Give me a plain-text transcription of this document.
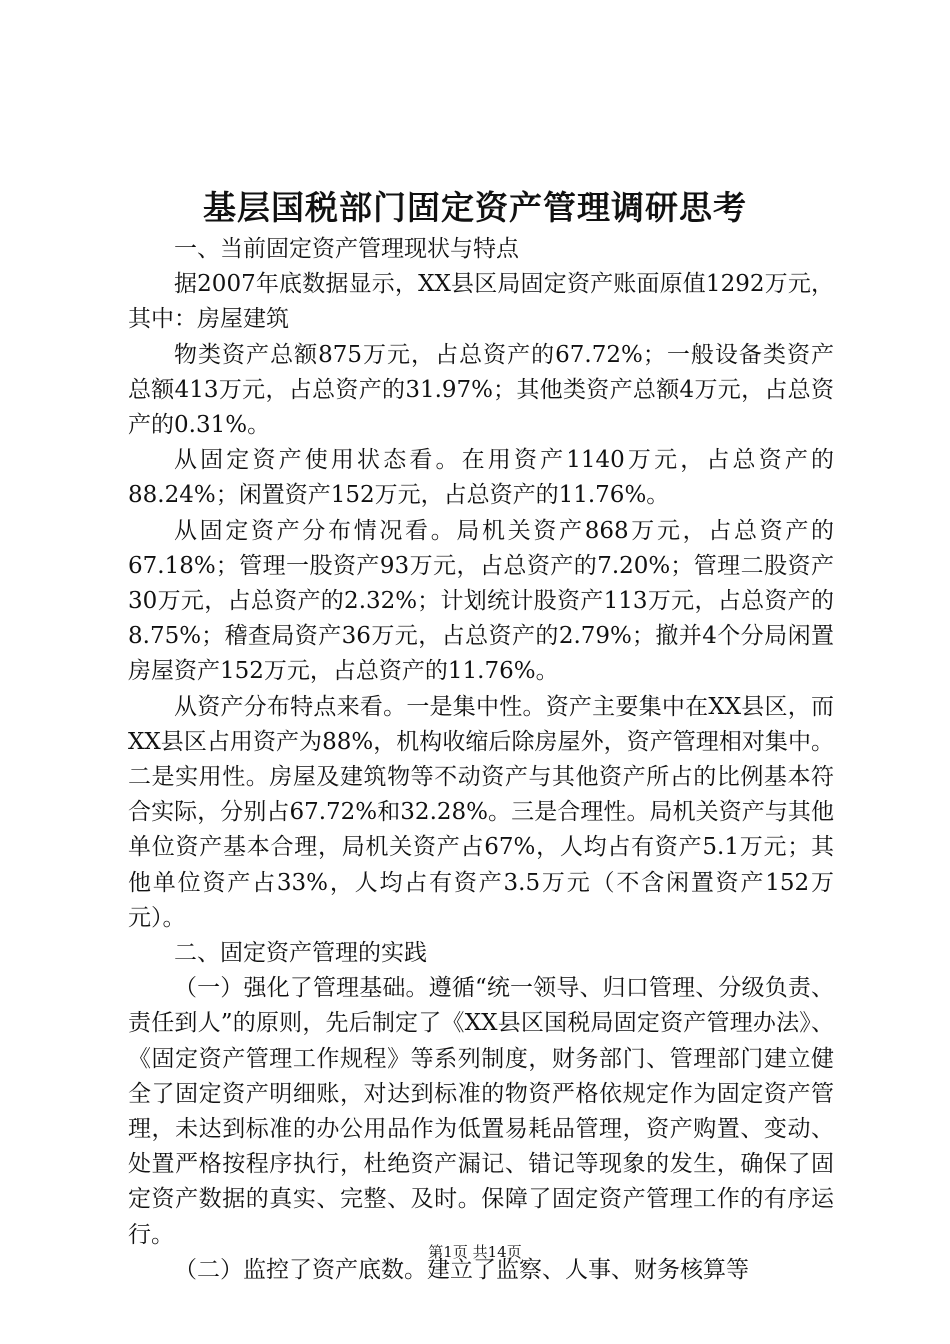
基层国税部门固定资产管理调研思考

一、当前固定资产管理现状与特点

据2007年底数据显示，XX县区局固定资产账面原值1292万元，其中：房屋建筑

物类资产总额875万元，占总资产的67.72%；一般设备类资产总额413万元，占总资产的31.97%；其他类资产总额4万元，占总资产的0.31%。

从固定资产使用状态看。在用资产1140万元，占总资产的88.24%；闲置资产152万元，占总资产的11.76%。

从固定资产分布情况看。局机关资产868万元，占总资产的67.18%；管理一股资产93万元，占总资产的7.20%；管理二股资产30万元，占总资产的2.32%；计划统计股资产113万元，占总资产的8.75%；稽查局资产36万元，占总资产的2.79%；撤并4个分局闲置房屋资产152万元，占总资产的11.76%。

从资产分布特点来看。一是集中性。资产主要集中在XX县区，而XX县区占用资产为88%，机构收缩后除房屋外，资产管理相对集中。二是实用性。房屋及建筑物等不动资产与其他资产所占的比例基本符合实际，分别占67.72%和32.28%。三是合理性。局机关资产与其他单位资产基本合理，局机关资产占67%，人均占有资产5.1万元；其他单位资产占33%，人均占有资产3.5万元（不含闲置资产152万元）。

二、固定资产管理的实践

（一）强化了管理基础。遵循“统一领导、归口管理、分级负责、责任到人”的原则，先后制定了《XX县区国税局固定资产管理办法》、《固定资产管理工作规程》等系列制度，财务部门、管理部门建立健全了固定资产明细账，对达到标准的物资严格依规定作为固定资产管理，未达到标准的办公用品作为低置易耗品管理，资产购置、变动、处置严格按程序执行，杜绝资产漏记、错记等现象的发生，确保了固定资产数据的真实、完整、及时。保障了固定资产管理工作的有序运行。

（二）监控了资产底数。建立了监察、人事、财务核算等

第1页 共14页
